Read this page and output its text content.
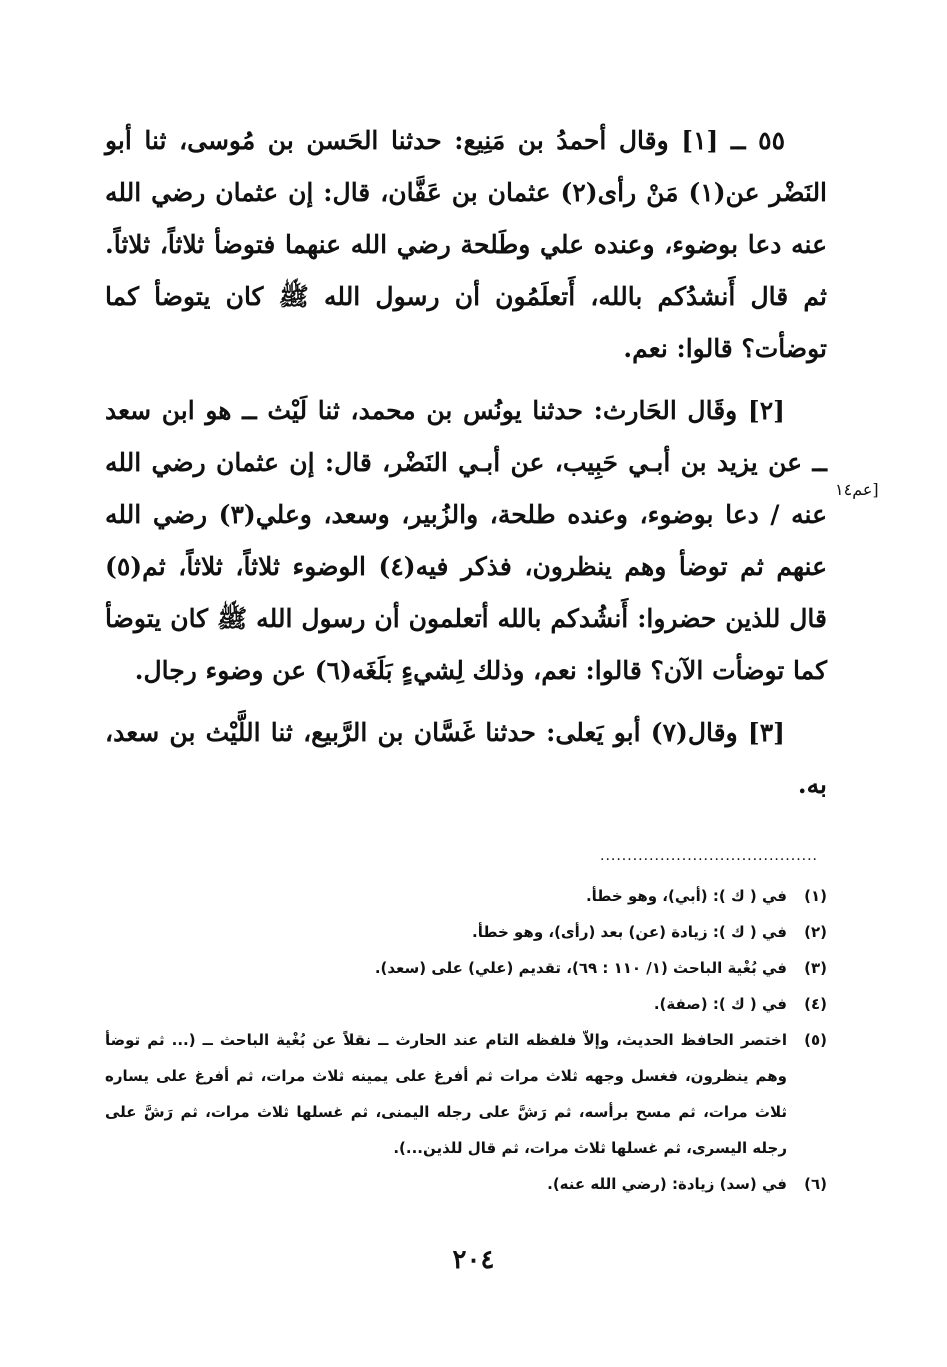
٥٥ ــ [١] وقال أحمدُ بن مَنِيع: حدثنا الحَسن بن مُوسى، ثنا أبو النَضْر عن(١) مَنْ رأى(٢) عثمان بن عَفَّان، قال: إن عثمان رضي الله عنه دعا بوضوء، وعنده علي وطَلحة رضي الله عنهما فتوضأ ثلاثاً، ثلاثاً. ثم قال أَنشدُكم بالله، أَتعلَمُون أن رسول الله ﷺ كان يتوضأ كما توضأت؟ قالوا: نعم.

[٢] وقَال الحَارث: حدثنا يونُس بن محمد، ثنا لَيْث ــ هو ابن سعد ــ عن يزيد بن أبـي حَبِيب، عن أبـي النَضْر، قال: إن عثمان رضي الله عنه / دعا بوضوء، وعنده طلحة، والزُبير، وسعد، وعلي(٣) رضي الله عنهم ثم توضأ وهم ينظرون، فذكر فيه(٤) الوضوء ثلاثاً، ثلاثاً، ثم(٥) قال للذين حضروا: أَنشُدكم بالله أتعلمون أن رسول الله ﷺ كان يتوضأ كما توضأت الآن؟ قالوا: نعم، وذلك لِشيءٍ بَلَغَه(٦) عن وضوء رجال.

[٣] وقال(٧) أبو يَعلى: حدثنا غَسَّان بن الرَّبيع، ثنا اللَّيْث بن سعد، به.

[عم١٤
........................................
(١)
في ( ك ): (أبي)، وهو خطأ.
(٢)
في ( ك ): زيادة (عن) بعد (رأى)، وهو خطأ.
(٣)
في بُغْية الباحث (١/ ١١٠ : ٦٩)، تقديم (علي) على (سعد).
(٤)
في ( ك ): (صفة).
(٥)
اختصر الحافظ الحديث، وإلاّ فلفظه التام عند الحارث ــ نقلاً عن بُغْية الباحث ــ (... ثم توضأ وهم ينظرون، فغسل وجهه ثلاث مرات ثم أفرغ على يمينه ثلاث مرات، ثم أفرغ على يساره ثلاث مرات، ثم مسح برأسه، ثم رَشَّ على رجله اليمنى، ثم غسلها ثلاث مرات، ثم رَشَّ على رجله اليسرى، ثم غسلها ثلاث مرات، ثم قال للذين...).
(٦)
في (سد) زيادة: (رضي الله عنه).
٢٠٤
